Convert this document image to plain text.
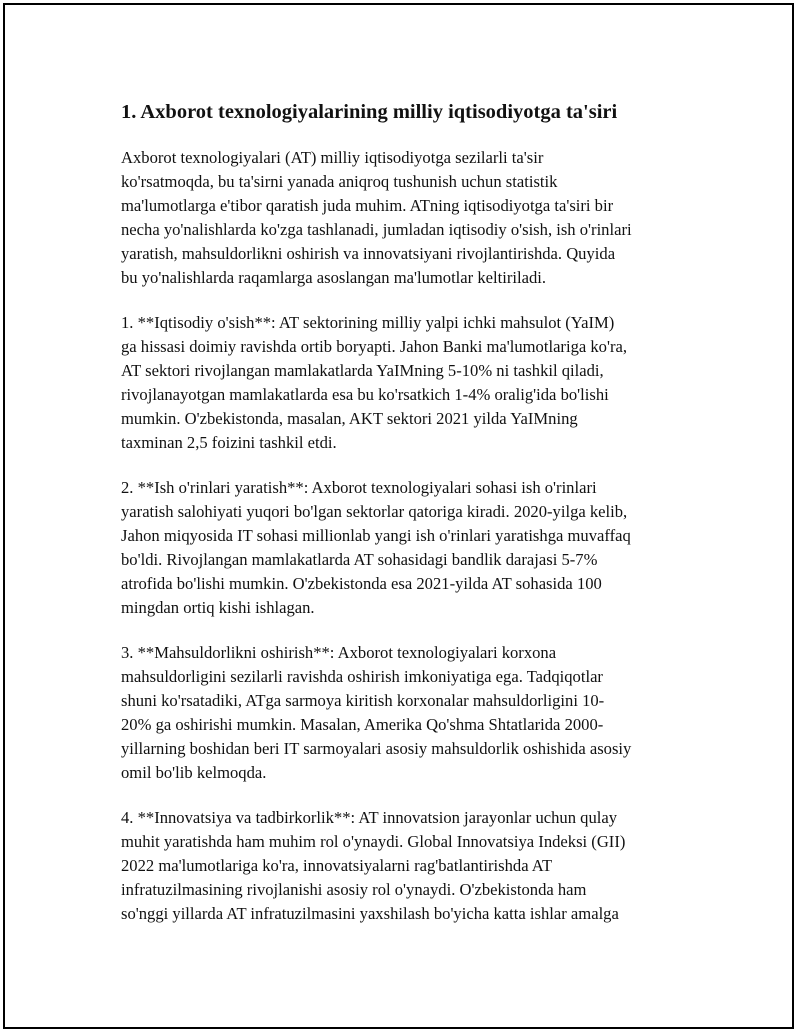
1. Axborot texnologiyalarining milliy iqtisodiyotga ta'siri

Axborot texnologiyalari (AT) milliy iqtisodiyotga sezilarli ta'sir
ko'rsatmoqda, bu ta'sirni yanada aniqroq tushunish uchun statistik
ma'lumotlarga e'tibor qaratish juda muhim. ATning iqtisodiyotga ta'siri bir
necha yo'nalishlarda ko'zga tashlanadi, jumladan iqtisodiy o'sish, ish o'rinlari
yaratish, mahsuldorlikni oshirish va innovatsiyani rivojlantirishda. Quyida
bu yo'nalishlarda raqamlarga asoslangan ma'lumotlar keltiriladi.

1. **Iqtisodiy o'sish**: AT sektorining milliy yalpi ichki mahsulot (YaIM)
ga hissasi doimiy ravishda ortib boryapti. Jahon Banki ma'lumotlariga ko'ra,
AT sektori rivojlangan mamlakatlarda YaIMning 5-10% ni tashkil qiladi,
rivojlanayotgan mamlakatlarda esa bu ko'rsatkich 1-4% oralig'ida bo'lishi
mumkin. O'zbekistonda, masalan, AKT sektori 2021 yilda YaIMning
taxminan 2,5 foizini tashkil etdi.

2. **Ish o'rinlari yaratish**: Axborot texnologiyalari sohasi ish o'rinlari
yaratish salohiyati yuqori bo'lgan sektorlar qatoriga kiradi. 2020-yilga kelib,
Jahon miqyosida IT sohasi millionlab yangi ish o'rinlari yaratishga muvaffaq
bo'ldi. Rivojlangan mamlakatlarda AT sohasidagi bandlik darajasi 5-7%
atrofida bo'lishi mumkin. O'zbekistonda esa 2021-yilda AT sohasida 100
mingdan ortiq kishi ishlagan.

3. **Mahsuldorlikni oshirish**: Axborot texnologiyalari korxona
mahsuldorligini sezilarli ravishda oshirish imkoniyatiga ega. Tadqiqotlar
shuni ko'rsatadiki, ATga sarmoya kiritish korxonalar mahsuldorligini 10-
20% ga oshirishi mumkin. Masalan, Amerika Qo'shma Shtatlarida 2000-
yillarning boshidan beri IT sarmoyalari asosiy mahsuldorlik oshishida asosiy
omil bo'lib kelmoqda.

4. **Innovatsiya va tadbirkorlik**: AT innovatsion jarayonlar uchun qulay
muhit yaratishda ham muhim rol o'ynaydi. Global Innovatsiya Indeksi (GII)
2022 ma'lumotlariga ko'ra, innovatsiyalarni rag'batlantirishda AT
infratuzilmasining rivojlanishi asosiy rol o'ynaydi. O'zbekistonda ham
so'nggi yillarda AT infratuzilmasini yaxshilash bo'yicha katta ishlar amalga
